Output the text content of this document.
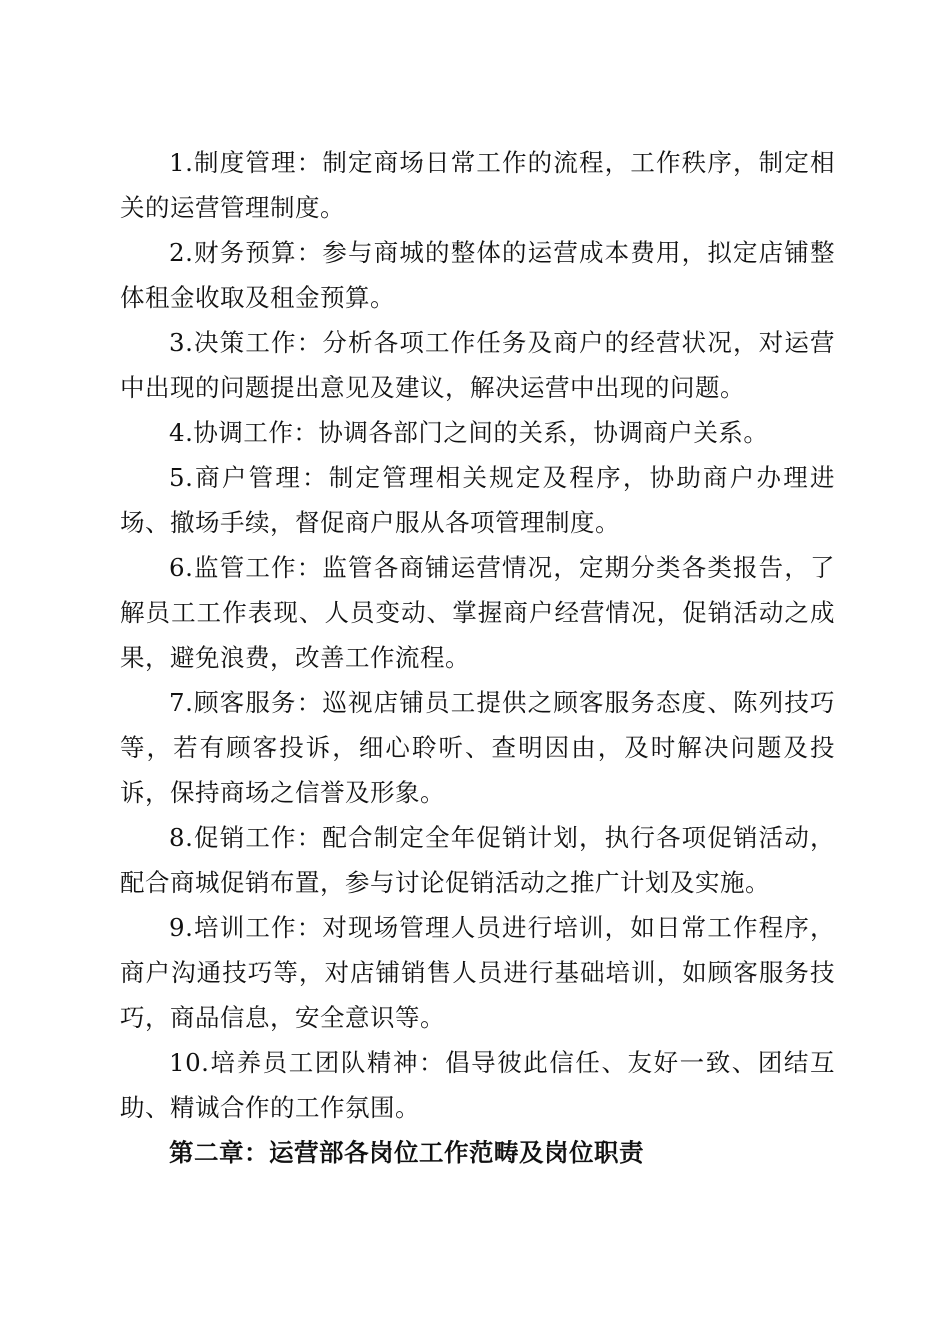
1.制度管理：制定商场日常工作的流程，工作秩序，制定相关的运营管理制度。

2.财务预算：参与商城的整体的运营成本费用，拟定店铺整体租金收取及租金预算。

3.决策工作：分析各项工作任务及商户的经营状况，对运营中出现的问题提出意见及建议，解决运营中出现的问题。

4.协调工作：协调各部门之间的关系，协调商户关系。

5.商户管理：制定管理相关规定及程序，协助商户办理进场、撤场手续，督促商户服从各项管理制度。

6.监管工作：监管各商铺运营情况，定期分类各类报告，了解员工工作表现、人员变动、掌握商户经营情况，促销活动之成果，避免浪费，改善工作流程。

7.顾客服务：巡视店铺员工提供之顾客服务态度、陈列技巧等，若有顾客投诉，细心聆听、查明因由，及时解决问题及投诉，保持商场之信誉及形象。

8.促销工作：配合制定全年促销计划，执行各项促销活动，配合商城促销布置，参与讨论促销活动之推广计划及实施。

9.培训工作：对现场管理人员进行培训，如日常工作程序，商户沟通技巧等，对店铺销售人员进行基础培训，如顾客服务技巧，商品信息，安全意识等。

10.培养员工团队精神：倡导彼此信任、友好一致、团结互助、精诚合作的工作氛围。

第二章：运营部各岗位工作范畴及岗位职责
